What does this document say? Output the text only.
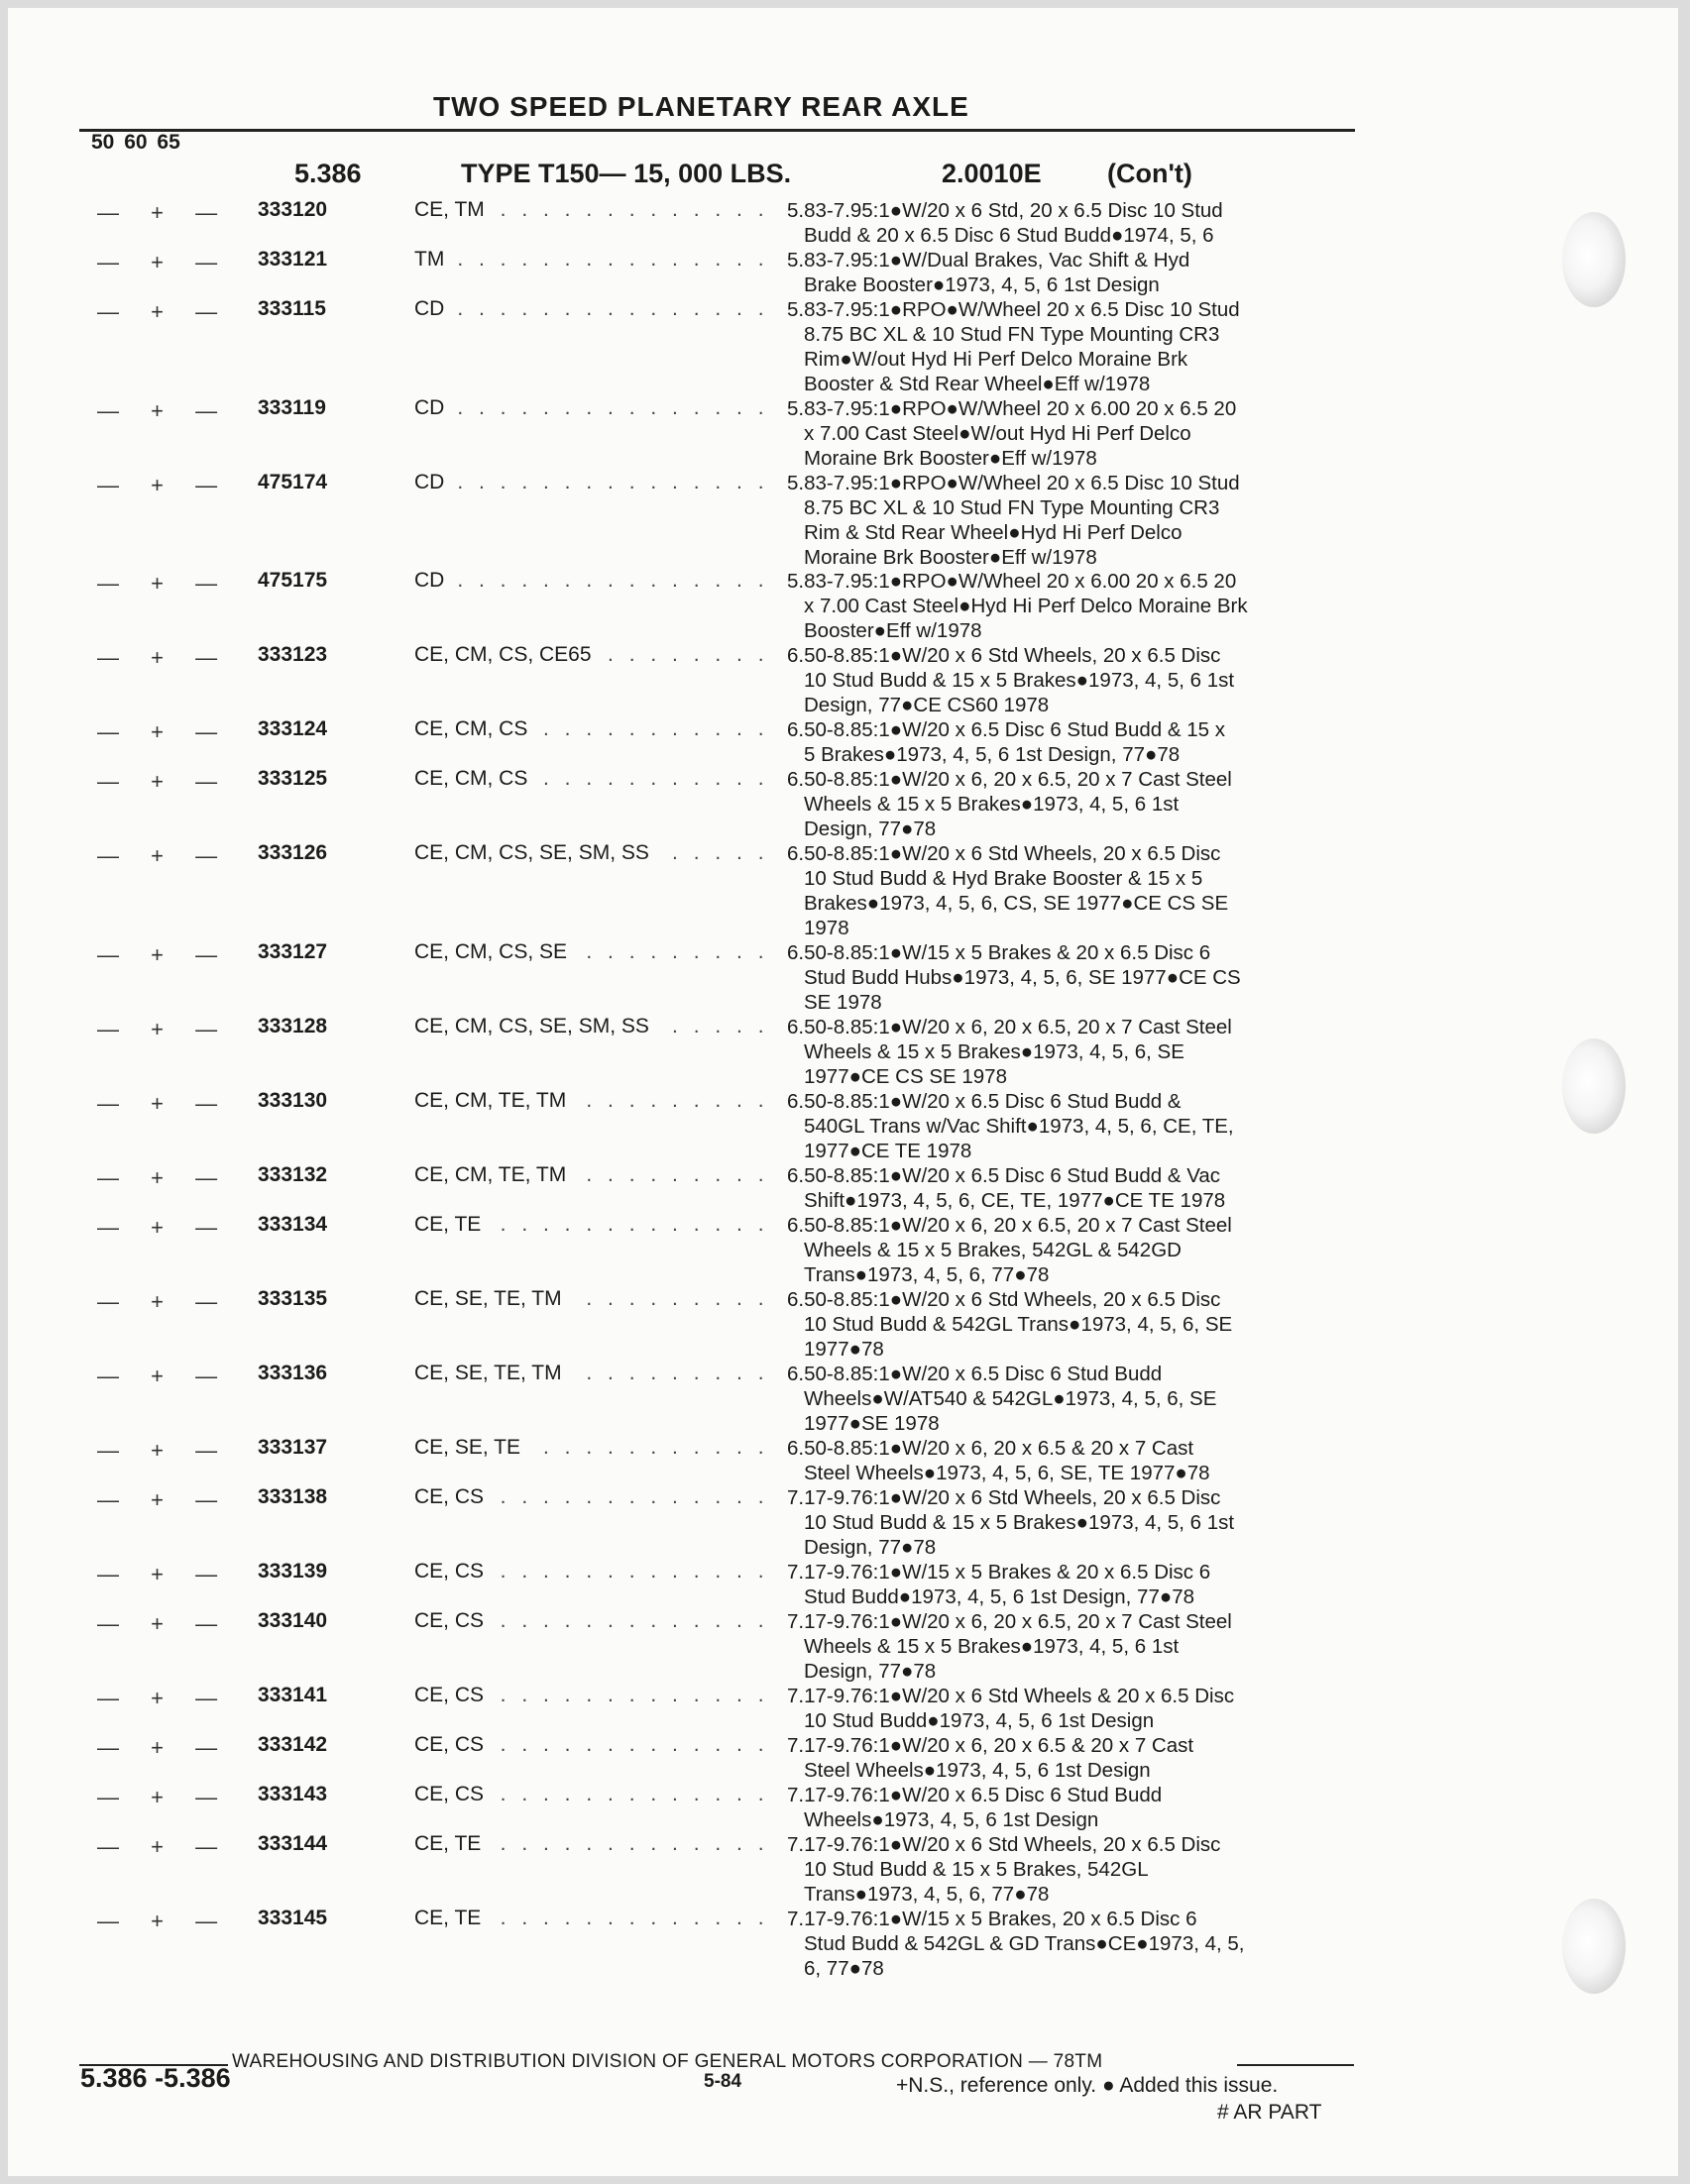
TWO SPEED PLANETARY REAR AXLE
50 60 65
5.386	TYPE T150— 15, 000 LBS.	2.0010E (Con't)
— + — 333120 . . .	CE, TM	5.83-7.95:1●W/20 x 6 Std, 20 x 6.5 Disc 10 Stud
Budd & 20 x 6.5 Disc 6 Stud Budd●1974, 5, 6
— + — 333121 . . .	TM	5.83-7.95:1●W/Dual Brakes, Vac Shift & Hyd
Brake Booster●1973, 4, 5, 6 1st Design
— + — 333115 . . .	CD	5.83-7.95:1●RPO●W/Wheel 20 x 6.5 Disc 10 Stud
8.75 BC XL & 10 Stud FN Type Mounting CR3
Rim●W/out Hyd Hi Perf Delco Moraine Brk
Booster & Std Rear Wheel●Eff w/1978
— + — 333119 . . .	CD	5.83-7.95:1●RPO●W/Wheel 20 x 6.00 20 x 6.5 20
x 7.00 Cast Steel●W/out Hyd Hi Perf Delco
Moraine Brk Booster●Eff w/1978
— + — 475174 . . .	CD	5.83-7.95:1●RPO●W/Wheel 20 x 6.5 Disc 10 Stud
8.75 BC XL & 10 Stud FN Type Mounting CR3
Rim & Std Rear Wheel●Hyd Hi Perf Delco
Moraine Brk Booster●Eff w/1978
— + — 475175 . . .	CD	5.83-7.95:1●RPO●W/Wheel 20 x 6.00 20 x 6.5 20
x 7.00 Cast Steel●Hyd Hi Perf Delco Moraine Brk
Booster●Eff w/1978
— + — 333123 . . .	CE, CM, CS, CE65	6.50-8.85:1●W/20 x 6 Std Wheels, 20 x 6.5 Disc
10 Stud Budd & 15 x 5 Brakes●1973, 4, 5, 6 1st
Design, 77●CE CS60 1978
— + — 333124 . . .	CE, CM, CS	6.50-8.85:1●W/20 x 6.5 Disc 6 Stud Budd & 15 x
5 Brakes●1973, 4, 5, 6 1st Design, 77●78
— + — 333125 . . .	CE, CM, CS	6.50-8.85:1●W/20 x 6, 20 x 6.5, 20 x 7 Cast Steel
Wheels & 15 x 5 Brakes●1973, 4, 5, 6 1st
Design, 77●78
— + — 333126 . . .	CE, CM, CS, SE, SM, SS	6.50-8.85:1●W/20 x 6 Std Wheels, 20 x 6.5 Disc
10 Stud Budd & Hyd Brake Booster & 15 x 5
Brakes●1973, 4, 5, 6, CS, SE 1977●CE CS SE
1978
— + — 333127 . . .	CE, CM, CS, SE	6.50-8.85:1●W/15 x 5 Brakes & 20 x 6.5 Disc 6
Stud Budd Hubs●1973, 4, 5, 6, SE 1977●CE CS
SE 1978
— + — 333128 . . .	CE, CM, CS, SE, SM, SS	6.50-8.85:1●W/20 x 6, 20 x 6.5, 20 x 7 Cast Steel
Wheels & 15 x 5 Brakes●1973, 4, 5, 6, SE
1977●CE CS SE 1978
— + — 333130 . . .	CE, CM, TE, TM	6.50-8.85:1●W/20 x 6.5 Disc 6 Stud Budd &
540GL Trans w/Vac Shift●1973, 4, 5, 6, CE, TE,
1977●CE TE 1978
— + — 333132 . . .	CE, CM, TE, TM	6.50-8.85:1●W/20 x 6.5 Disc 6 Stud Budd & Vac
Shift●1973, 4, 5, 6, CE, TE, 1977●CE TE 1978
— + — 333134 . . .	CE, TE	6.50-8.85:1●W/20 x 6, 20 x 6.5, 20 x 7 Cast Steel
Wheels & 15 x 5 Brakes, 542GL & 542GD
Trans●1973, 4, 5, 6, 77●78
— + — 333135 . . .	CE, SE, TE, TM	6.50-8.85:1●W/20 x 6 Std Wheels, 20 x 6.5 Disc
10 Stud Budd & 542GL Trans●1973, 4, 5, 6, SE
1977●78
— + — 333136 . . .	CE, SE, TE, TM	6.50-8.85:1●W/20 x 6.5 Disc 6 Stud Budd
Wheels●W/AT540 & 542GL●1973, 4, 5, 6, SE
1977●SE 1978
— + — 333137 . . .	CE, SE, TE	6.50-8.85:1●W/20 x 6, 20 x 6.5 & 20 x 7 Cast
Steel Wheels●1973, 4, 5, 6, SE, TE 1977●78
— + — 333138 . . .	CE, CS	7.17-9.76:1●W/20 x 6 Std Wheels, 20 x 6.5 Disc
10 Stud Budd & 15 x 5 Brakes●1973, 4, 5, 6 1st
Design, 77●78
— + — 333139 . . .	CE, CS	7.17-9.76:1●W/15 x 5 Brakes & 20 x 6.5 Disc 6
Stud Budd●1973, 4, 5, 6 1st Design, 77●78
— + — 333140 . . .	CE, CS	7.17-9.76:1●W/20 x 6, 20 x 6.5, 20 x 7 Cast Steel
Wheels & 15 x 5 Brakes●1973, 4, 5, 6 1st
Design, 77●78
— + — 333141 . . .	CE, CS	7.17-9.76:1●W/20 x 6 Std Wheels & 20 x 6.5 Disc
10 Stud Budd●1973, 4, 5, 6 1st Design
— + — 333142 . . .	CE, CS	7.17-9.76:1●W/20 x 6, 20 x 6.5 & 20 x 7 Cast
Steel Wheels●1973, 4, 5, 6 1st Design
— + — 333143 . . .	CE, CS	7.17-9.76:1●W/20 x 6.5 Disc 6 Stud Budd
Wheels●1973, 4, 5, 6 1st Design
— + — 333144 . . .	CE, TE	7.17-9.76:1●W/20 x 6 Std Wheels, 20 x 6.5 Disc
10 Stud Budd & 15 x 5 Brakes, 542GL
Trans●1973, 4, 5, 6, 77●78
— + — 333145 . . .	CE, TE	7.17-9.76:1●W/15 x 5 Brakes, 20 x 6.5 Disc 6
Stud Budd & 542GL & GD Trans●CE●1973, 4, 5,
6, 77●78
WAREHOUSING AND DISTRIBUTION DIVISION OF GENERAL MOTORS CORPORATION — 78TM
5.386 -5.386	5-84	+N.S., reference only. ● Added this issue.
# AR PART
